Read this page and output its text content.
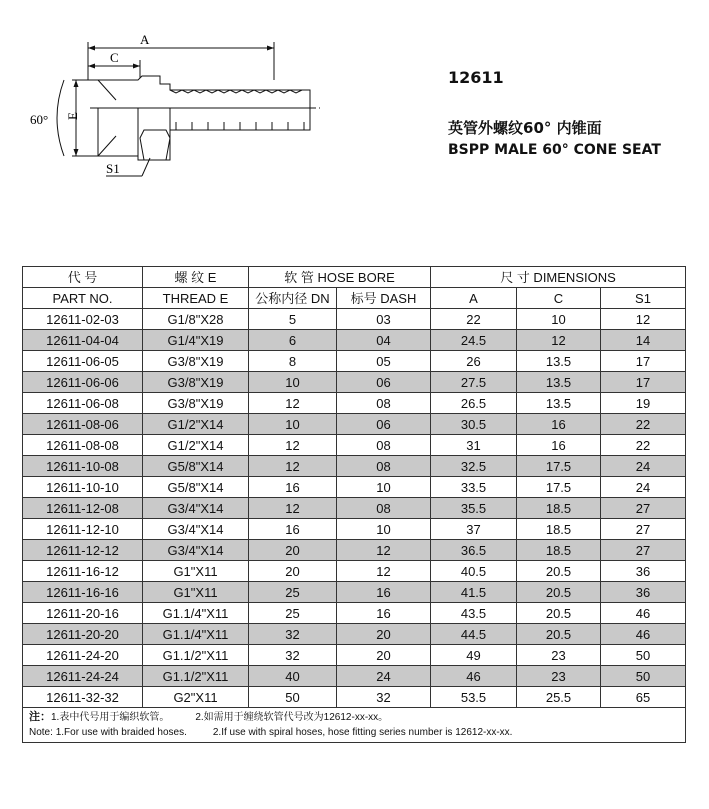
A
C
E
60°
S1

12611

英管外螺纹60° 内锥面

BSPP MALE 60° CONE SEAT

代 号	螺 纹 E	软 管 HOSE BORE		尺 寸 DIMENSIONS		
PART NO.	THREAD E	公称内径 DN	标号 DASH	A	C	S1
12611-02-03	G1/8"X28	5	03	22	10	12
12611-04-04	G1/4"X19	6	04	24.5	12	14
12611-06-05	G3/8"X19	8	05	26	13.5	17
12611-06-06	G3/8"X19	10	06	27.5	13.5	17
12611-06-08	G3/8"X19	12	08	26.5	13.5	19
12611-08-06	G1/2"X14	10	06	30.5	16	22
12611-08-08	G1/2"X14	12	08	31	16	22
12611-10-08	G5/8"X14	12	08	32.5	17.5	24
12611-10-10	G5/8"X14	16	10	33.5	17.5	24
12611-12-08	G3/4"X14	12	08	35.5	18.5	27
12611-12-10	G3/4"X14	16	10	37	18.5	27
12611-12-12	G3/4"X14	20	12	36.5	18.5	27
12611-16-12	G1"X11	20	12	40.5	20.5	36
12611-16-16	G1"X11	25	16	41.5	20.5	36
12611-20-16	G1.1/4"X11	25	16	43.5	20.5	46
12611-20-20	G1.1/4"X11	32	20	44.5	20.5	46
12611-24-20	G1.1/2"X11	32	20	49	23	50
12611-24-24	G1.1/2"X11	40	24	46	23	50
12611-32-32	G2"X11	50	32	53.5	25.5	65

注：1.表中代号用于编织软管。 2.如需用于缠绕软管代号改为12612-xx-xx。
Note: 1.For use with braided hoses. 2.If use with spiral hoses, hose fitting series number is 12612-xx-xx.						
